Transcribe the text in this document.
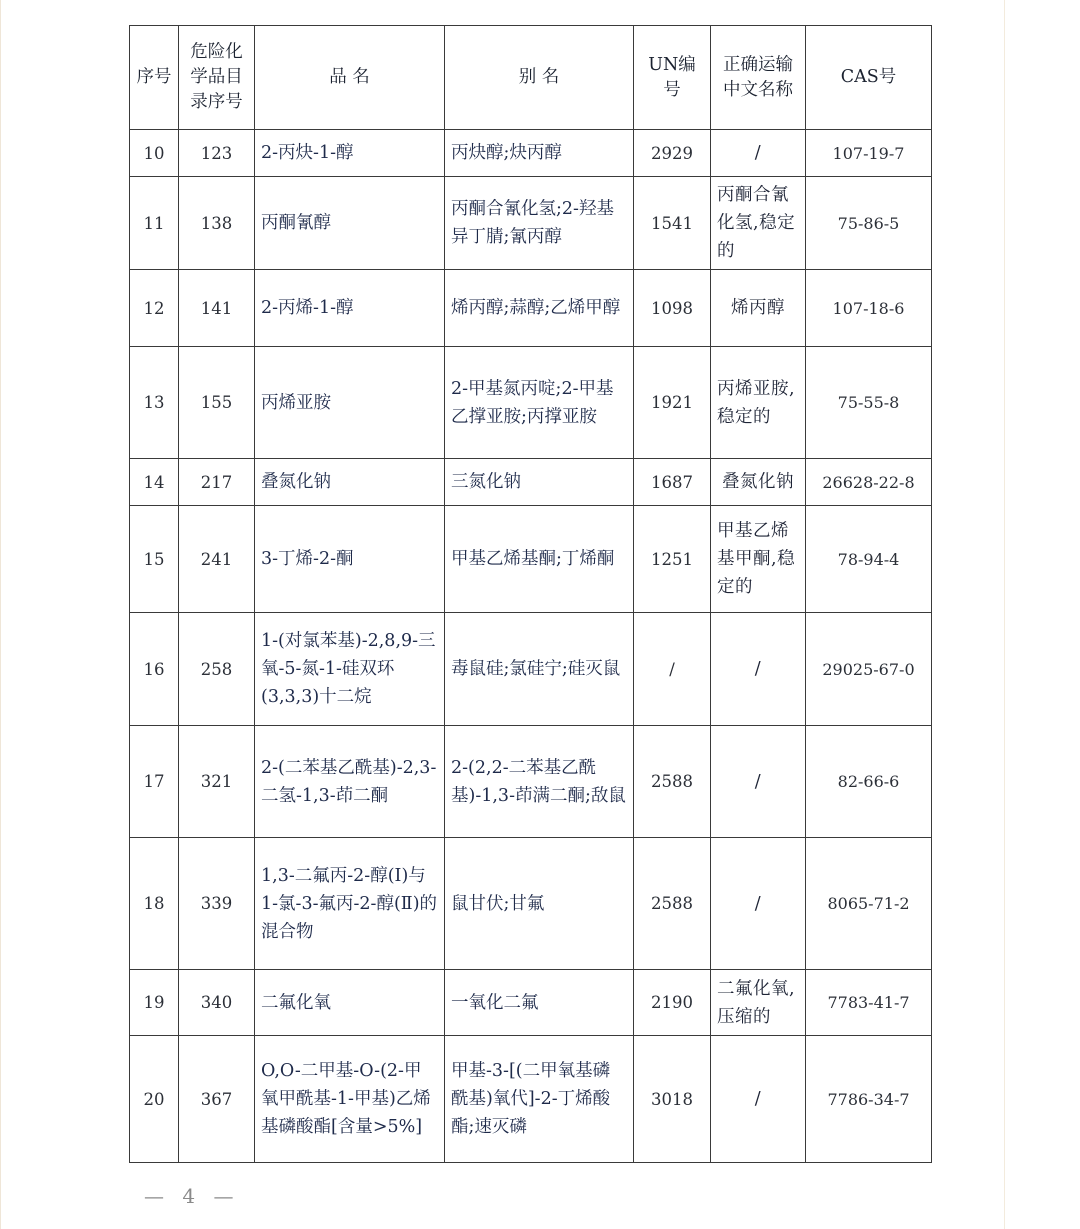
序号	危险化学品目录序号	品 名	别 名	UN编号	正确运输中文名称	CAS号
10	123	2-丙炔-1-醇	丙炔醇;炔丙醇	2929	/	107-19-7
11	138	丙酮氰醇	丙酮合氰化氢;2-羟基异丁腈;氰丙醇	1541	丙酮合氰化氢,稳定的	75-86-5
12	141	2-丙烯-1-醇	烯丙醇;蒜醇;乙烯甲醇	1098	烯丙醇	107-18-6
13	155	丙烯亚胺	2-甲基氮丙啶;2-甲基乙撑亚胺;丙撑亚胺	1921	丙烯亚胺,稳定的	75-55-8
14	217	叠氮化钠	三氮化钠	1687	叠氮化钠	26628-22-8
15	241	3-丁烯-2-酮	甲基乙烯基酮;丁烯酮	1251	甲基乙烯基甲酮,稳定的	78-94-4
16	258	1-(对氯苯基)-2,8,9-三氧-5-氮-1-硅双环(3,3,3)十二烷	毒鼠硅;氯硅宁;硅灭鼠	/	/	29025-67-0
17	321	2-(二苯基乙酰基)-2,3-二氢-1,3-茚二酮	2-(2,2-二苯基乙酰基)-1,3-茚满二酮;敌鼠	2588	/	82-66-6
18	339	1,3-二氟丙-2-醇(Ⅰ)与1-氯-3-氟丙-2-醇(Ⅱ)的混合物	鼠甘伏;甘氟	2588	/	8065-71-2
19	340	二氟化氧	一氧化二氟	2190	二氟化氧,压缩的	7783-41-7
20	367	O,O-二甲基-O-(2-甲氧甲酰基-1-甲基)乙烯基磷酸酯[含量>5%]	甲基-3-[(二甲氧基磷酰基)氧代]-2-丁烯酸酯;速灭磷	3018	/	7786-34-7
— 4 —
